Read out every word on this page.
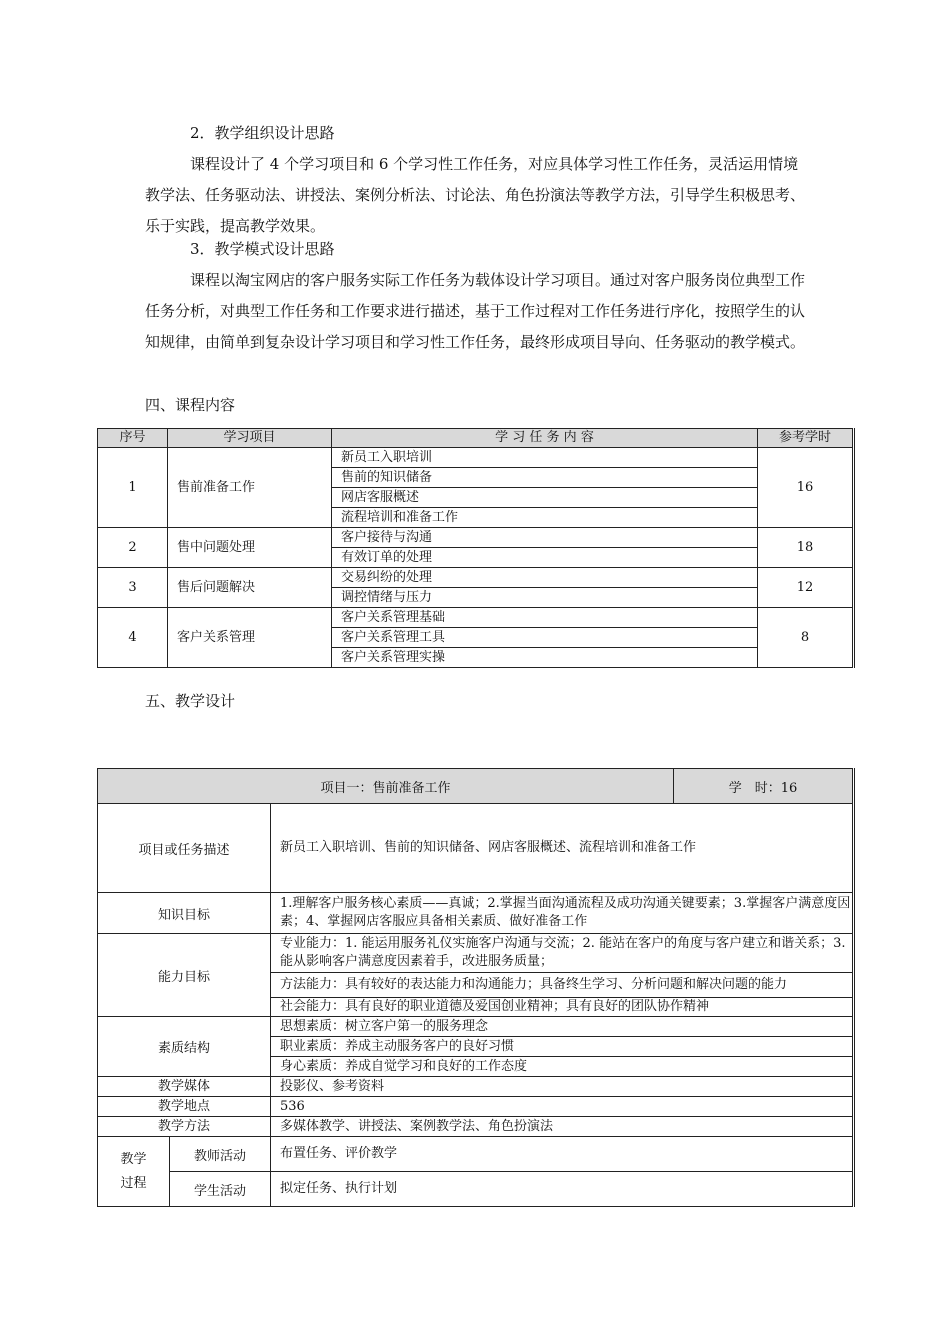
2．教学组织设计思路

课程设计了 4 个学习项目和 6 个学习性工作任务，对应具体学习性工作任务，灵活运用情境教学法、任务驱动法、讲授法、案例分析法、讨论法、角色扮演法等教学方法，引导学生积极思考、乐于实践，提高教学效果。

3．教学模式设计思路

课程以淘宝网店的客户服务实际工作任务为载体设计学习项目。通过对客户服务岗位典型工作任务分析，对典型工作任务和工作要求进行描述，基于工作过程对工作任务进行序化，按照学生的认知规律，由简单到复杂设计学习项目和学习性工作任务，最终形成项目导向、任务驱动的教学模式。

四、课程内容

序号	学习项目	学 习 任 务 内 容	参考学时
1	售前准备工作	新员工入职培训	16
		售前的知识储备	
		网店客服概述	
		流程培训和准备工作	
2	售中问题处理	客户接待与沟通	18
		有效订单的处理	
3	售后问题解决	交易纠纷的处理	12
		调控情绪与压力	
4	客户关系管理	客户关系管理基础	8
		客户关系管理工具	
		客户关系管理实操	

五、教学设计

项目一：售前准备工作			学　时：16
项目或任务描述		新员工入职培训、售前的知识储备、网店客服概述、流程培训和准备工作	
知识目标		1.理解客户服务核心素质——真诚；2.掌握当面沟通流程及成功沟通关键要素；3.掌握客户满意度因素；4、掌握网店客服应具备相关素质、做好准备工作	
能力目标		专业能力：1. 能运用服务礼仪实施客户沟通与交流；2. 能站在客户的角度与客户建立和谐关系；3. 能从影响客户满意度因素着手，改进服务质量；	
		方法能力：具有较好的表达能力和沟通能力；具备终生学习、分析问题和解决问题的能力	
		社会能力：具有良好的职业道德及爱国创业精神；具有良好的团队协作精神	
素质结构		思想素质：树立客户第一的服务理念	
		职业素质：养成主动服务客户的良好习惯	
		身心素质：养成自觉学习和良好的工作态度	
教学媒体		投影仪、参考资料	
教学地点		536	
教学方法		多媒体教学、讲授法、案例教学法、角色扮演法	
教学过程	教师活动	布置任务、评价教学	
	学生活动	拟定任务、执行计划	
